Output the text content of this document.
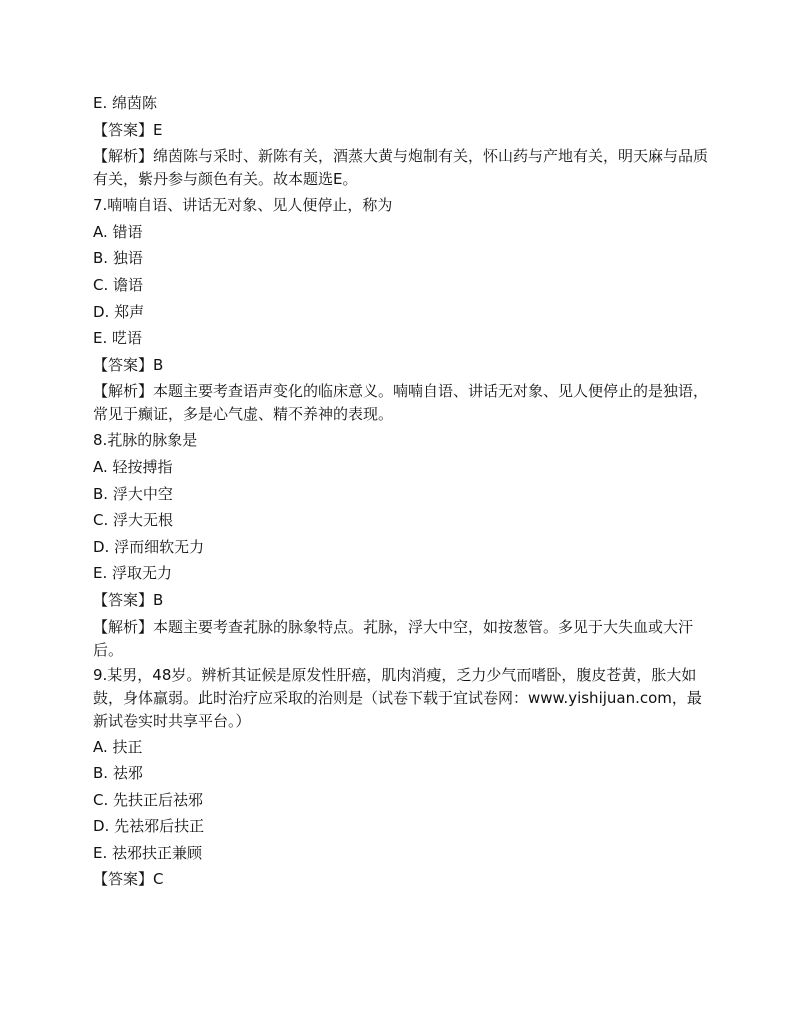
E. 绵茵陈

【答案】E

【解析】绵茵陈与采时、新陈有关，酒蒸大黄与炮制有关，怀山药与产地有关，明天麻与品质有关，紫丹参与颜色有关。故本题选E。

7.喃喃自语、讲话无对象、见人便停止，称为

A. 错语

B. 独语

C. 谵语

D. 郑声

E. 呓语

【答案】B

【解析】本题主要考查语声变化的临床意义。喃喃自语、讲话无对象、见人便停止的是独语，常见于癫证，多是心气虚、精不养神的表现。

8.芤脉的脉象是

A. 轻按搏指

B. 浮大中空

C. 浮大无根

D. 浮而细软无力

E. 浮取无力

【答案】B

【解析】本题主要考查芤脉的脉象特点。芤脉，浮大中空，如按葱管。多见于大失血或大汗后。

9.某男，48岁。辨析其证候是原发性肝癌，肌肉消瘦，乏力少气而嗜卧，腹皮苍黄，胀大如鼓，身体羸弱。此时治疗应采取的治则是（试卷下载于宜试卷网：www.yishijuan.com，最新试卷实时共享平台。）

A. 扶正

B. 祛邪

C. 先扶正后祛邪

D. 先祛邪后扶正

E. 祛邪扶正兼顾

【答案】C
